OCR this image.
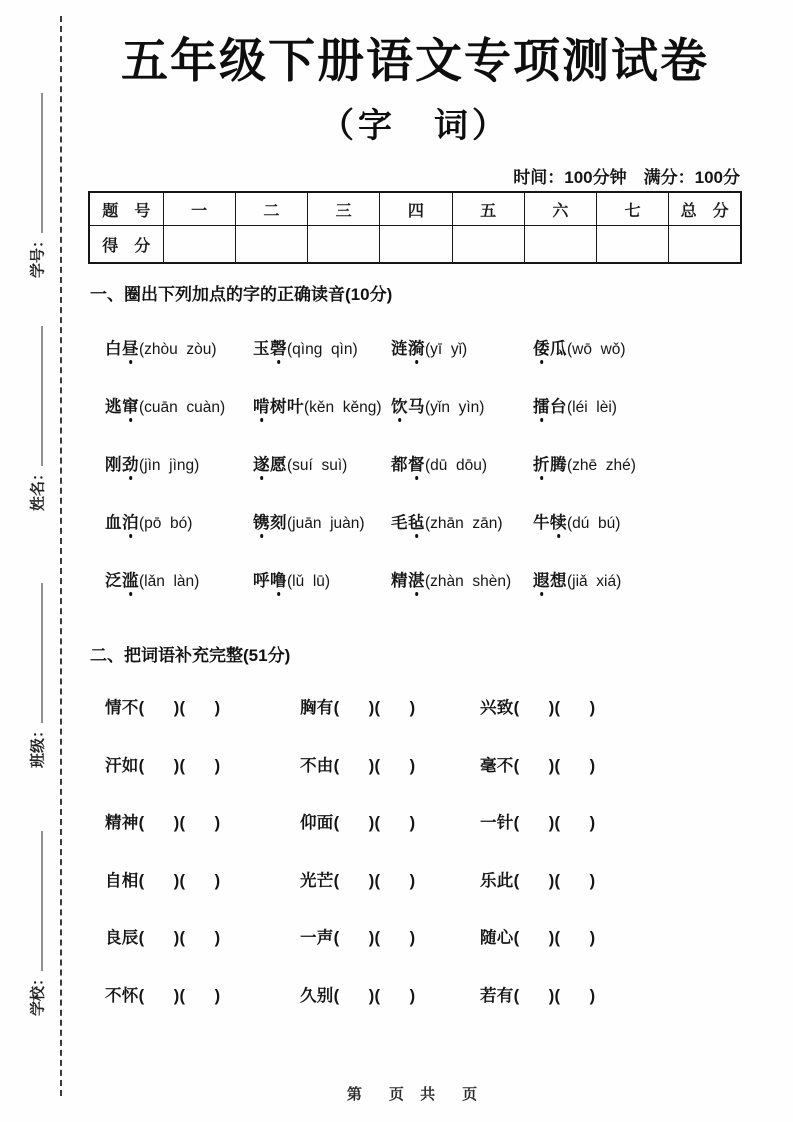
学号：
姓名：
班级：
学校：
五年级下册语文专项测试卷
（字　词）
时间：100分钟　满分：100分
题　号	一	二	三	四	五	六	七	总　分
得　分								
一、圈出下列加点的字的正确读音(10分)
白昼(zhòu  zòu)	玉磬(qìng  qìn)	涟漪(yī  yǐ)	倭瓜(wō  wǒ)
逃窜(cuān  cuàn)	啃树叶(kěn  kěng) 饮马(yǐn  yìn)	擂台(léi  lèi)
刚劲(jìn  jìng)	遂愿(suí  suì)	都督(dū  dōu)	折腾(zhē  zhé)
血泊(pō  bó)	镌刻(juān  juàn)	毛毡(zhān  zān)	牛犊(dú  bú)
泛滥(lǎn  làn)	呼噜(lǔ  lū)	精湛(zhàn  shèn)	遐想(jiǎ  xiá)
二、把词语补充完整(51分)
情不(      )(      )	胸有(      )(      )	兴致(      )(      )
汗如(      )(      )	不由(      )(      )	毫不(      )(      )
精神(      )(      )	仰面(      )(      )	一针(      )(      )
自相(      )(      )	光芒(      )(      )	乐此(      )(      )
良辰(      )(      )	一声(      )(      )	随心(      )(      )
不怀(      )(      )	久别(      )(      )	若有(      )(      )
第　页 共　页
